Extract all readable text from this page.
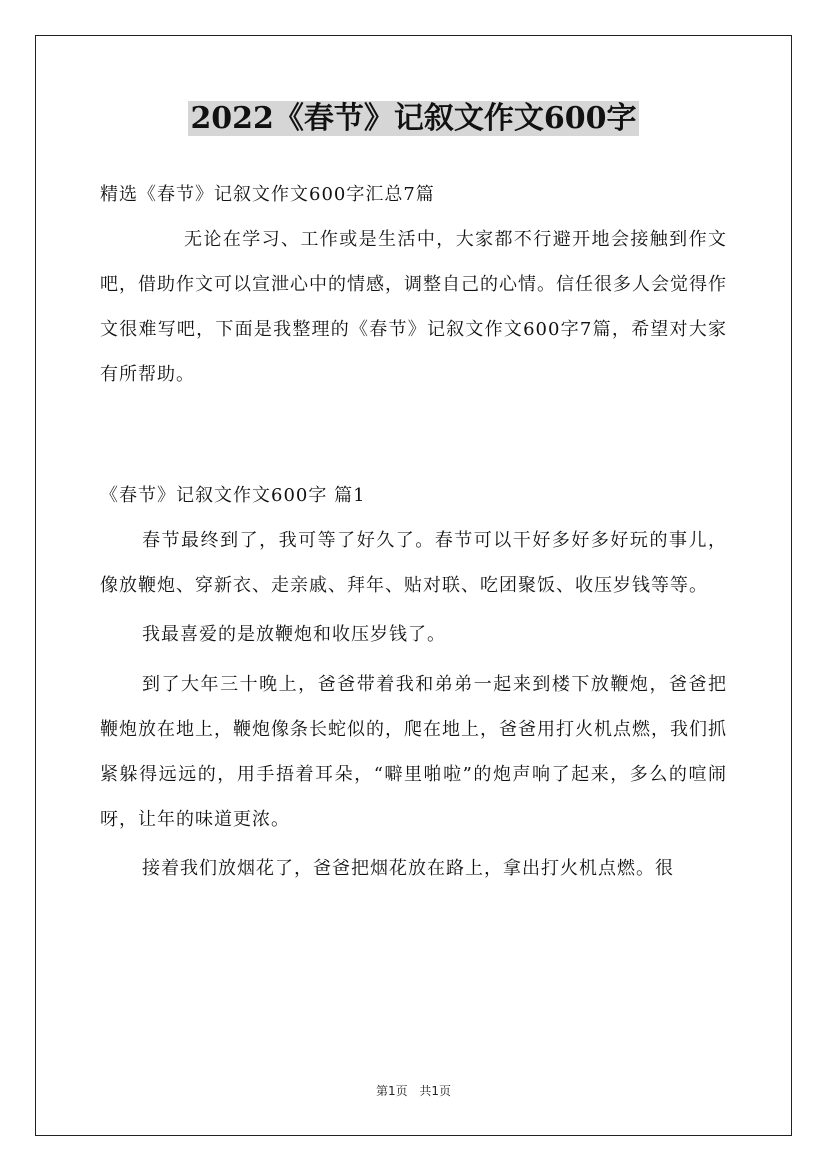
2022《春节》记叙文作文600字

精选《春节》记叙文作文600字汇总7篇

无论在学习、工作或是生活中，大家都不行避开地会接触到作文吧，借助作文可以宣泄心中的情感，调整自己的心情。信任很多人会觉得作文很难写吧，下面是我整理的《春节》记叙文作文600字7篇，希望对大家有所帮助。

《春节》记叙文作文600字 篇1

春节最终到了，我可等了好久了。春节可以干好多好多好玩的事儿，像放鞭炮、穿新衣、走亲戚、拜年、贴对联、吃团聚饭、收压岁钱等等。

我最喜爱的是放鞭炮和收压岁钱了。

到了大年三十晚上，爸爸带着我和弟弟一起来到楼下放鞭炮，爸爸把鞭炮放在地上，鞭炮像条长蛇似的，爬在地上，爸爸用打火机点燃，我们抓紧躲得远远的，用手捂着耳朵，“噼里啪啦”的炮声响了起来，多么的喧闹呀，让年的味道更浓。

接着我们放烟花了，爸爸把烟花放在路上，拿出打火机点燃。很

第1页 共1页
